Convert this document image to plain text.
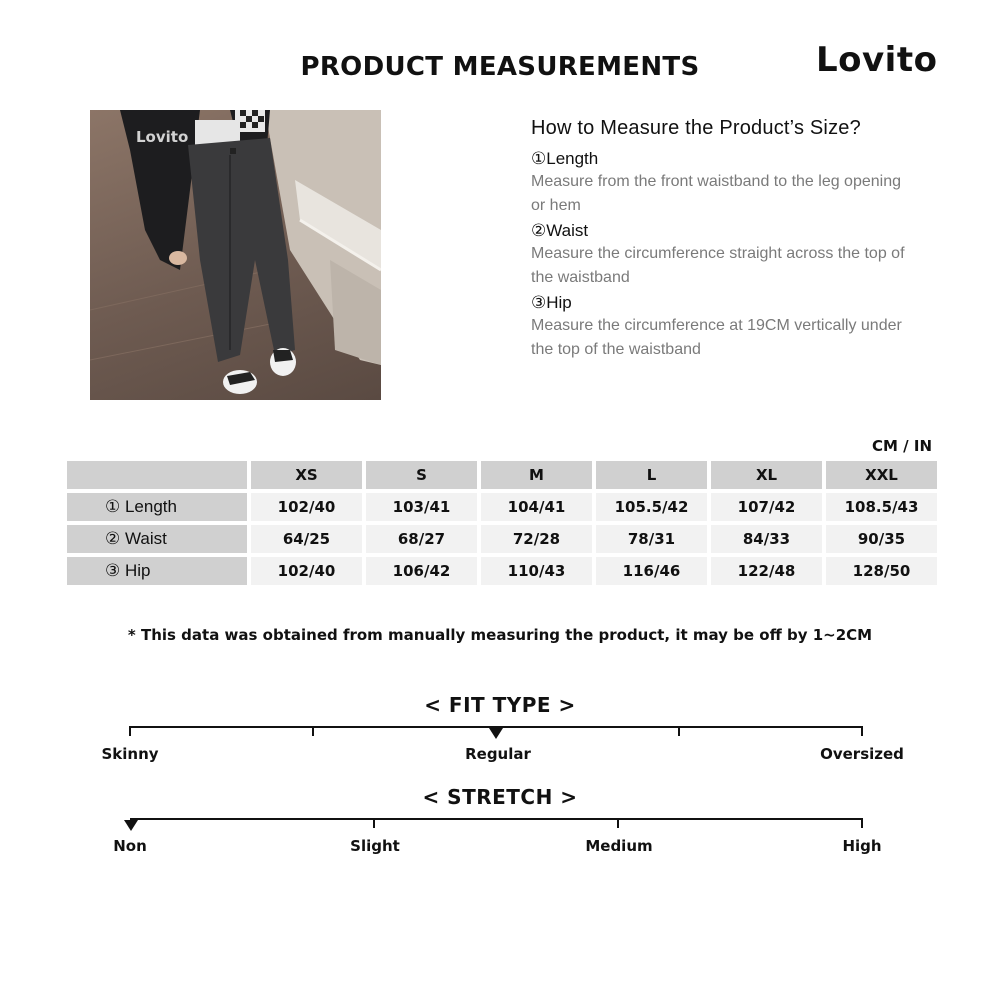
PRODUCT MEASUREMENTS	Lovito
Lovito	How to Measure the Product’s Size?
①Length
Measure from the front waistband to the leg opening or hem
②Waist
Measure the circumference straight across the top of the waistband
③Hip
Measure the circumference at 19CM vertically under the top of the waistband
CM / IN
	XS	S	M	L	XL	XXL
① Length	102/40	103/41	104/41	105.5/42	107/42	108.5/43
② Waist	64/25	68/27	72/28	78/31	84/33	90/35
③ Hip	102/40	106/42	110/43	116/46	122/48	128/50
* This data was obtained from manually measuring the product, it may be off by 1~2CM
< FIT TYPE >
Skinny	Regular	Oversized
< STRETCH >
Non	Slight	Medium	High
